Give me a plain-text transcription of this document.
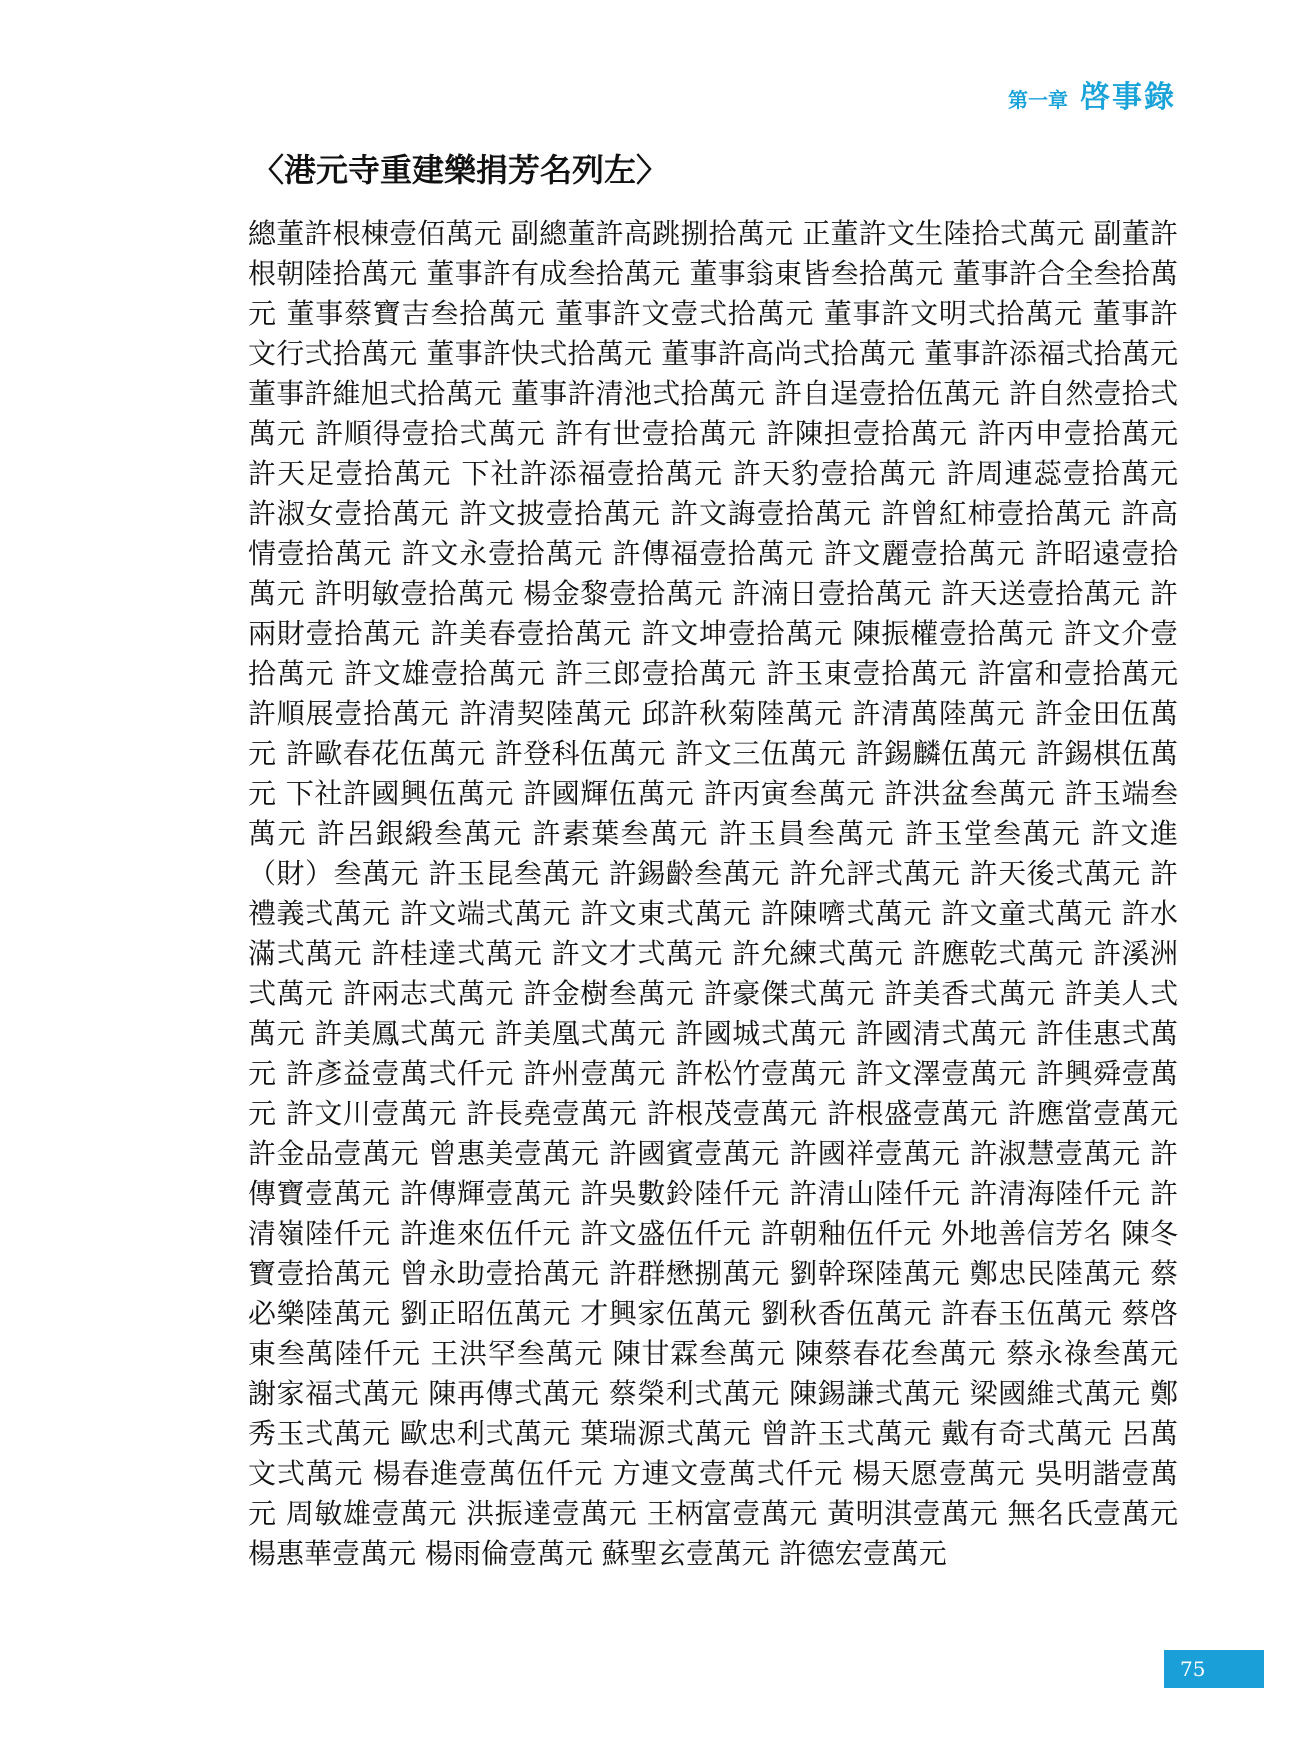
第一章 啓事錄
〈港元寺重建樂捐芳名列左〉
總董許根棟壹佰萬元 副總董許高跳捌拾萬元 正董許文生陸拾弍萬元 副董許根朝陸拾萬元 董事許有成叁拾萬元 董事翁東皆叁拾萬元 董事許合全叁拾萬元 董事蔡寶吉叁拾萬元 董事許文壹弍拾萬元 董事許文明弍拾萬元 董事許文行弍拾萬元 董事許快弍拾萬元 董事許高尚弍拾萬元 董事許添福弍拾萬元 董事許維旭弍拾萬元 董事許清池弍拾萬元 許自逞壹拾伍萬元 許自然壹拾弍萬元 許順得壹拾弍萬元 許有世壹拾萬元 許陳担壹拾萬元 許丙申壹拾萬元 許天足壹拾萬元 下社許添福壹拾萬元 許天豹壹拾萬元 許周連蕊壹拾萬元 許淑女壹拾萬元 許文披壹拾萬元 許文誨壹拾萬元 許曾紅柿壹拾萬元 許高情壹拾萬元 許文永壹拾萬元 許傳福壹拾萬元 許文麗壹拾萬元 許昭遠壹拾萬元 許明敏壹拾萬元 楊金黎壹拾萬元 許湳日壹拾萬元 許天送壹拾萬元 許兩財壹拾萬元 許美春壹拾萬元 許文坤壹拾萬元 陳振權壹拾萬元 許文介壹拾萬元 許文雄壹拾萬元 許三郎壹拾萬元 許玉東壹拾萬元 許富和壹拾萬元 許順展壹拾萬元 許清契陸萬元 邱許秋菊陸萬元 許清萬陸萬元 許金田伍萬元 許歐春花伍萬元 許登科伍萬元 許文三伍萬元 許錫麟伍萬元 許錫棋伍萬元 下社許國興伍萬元 許國輝伍萬元 許丙寅叁萬元 許洪盆叁萬元 許玉端叁萬元 許呂銀緞叁萬元 許素葉叁萬元 許玉員叁萬元 許玉堂叁萬元 許文進（財）叁萬元 許玉昆叁萬元 許錫齡叁萬元 許允評弍萬元 許天後弍萬元 許禮義弍萬元 許文端弍萬元 許文東弍萬元 許陳嚌弍萬元 許文童弍萬元 許水滿弍萬元 許桂達弍萬元 許文才弍萬元 許允練弍萬元 許應乾弍萬元 許溪洲弍萬元 許兩志弍萬元 許金樹叁萬元 許豪傑弍萬元 許美香弍萬元 許美人弍萬元 許美鳳弍萬元 許美凰弍萬元 許國城弍萬元 許國清弍萬元 許佳惠弍萬元 許彥益壹萬弍仟元 許州壹萬元 許松竹壹萬元 許文澤壹萬元 許興舜壹萬元 許文川壹萬元 許長堯壹萬元 許根茂壹萬元 許根盛壹萬元 許應當壹萬元 許金品壹萬元 曾惠美壹萬元 許國賓壹萬元 許國祥壹萬元 許淑慧壹萬元 許傳寶壹萬元 許傳輝壹萬元 許吳數鈴陸仟元 許清山陸仟元 許清海陸仟元 許清嶺陸仟元 許進來伍仟元 許文盛伍仟元 許朝釉伍仟元 外地善信芳名 陳冬寶壹拾萬元 曾永助壹拾萬元 許群懋捌萬元 劉幹琛陸萬元 鄭忠民陸萬元 蔡必樂陸萬元 劉正昭伍萬元 才興家伍萬元 劉秋香伍萬元 許春玉伍萬元 蔡啓東叁萬陸仟元 王洪罕叁萬元 陳甘霖叁萬元 陳蔡春花叁萬元 蔡永祿叁萬元 謝家福弍萬元 陳再傳弍萬元 蔡榮利弍萬元 陳錫謙弍萬元 梁國維弍萬元 鄭秀玉弍萬元 歐忠利弍萬元 葉瑞源弍萬元 曾許玉弍萬元 戴有奇弍萬元 呂萬文弍萬元 楊春進壹萬伍仟元 方連文壹萬弍仟元 楊天愿壹萬元 吳明諧壹萬元 周敏雄壹萬元 洪振達壹萬元 王柄富壹萬元 黃明淇壹萬元 無名氏壹萬元 楊惠華壹萬元 楊雨倫壹萬元 蘇聖玄壹萬元 許德宏壹萬元
75
